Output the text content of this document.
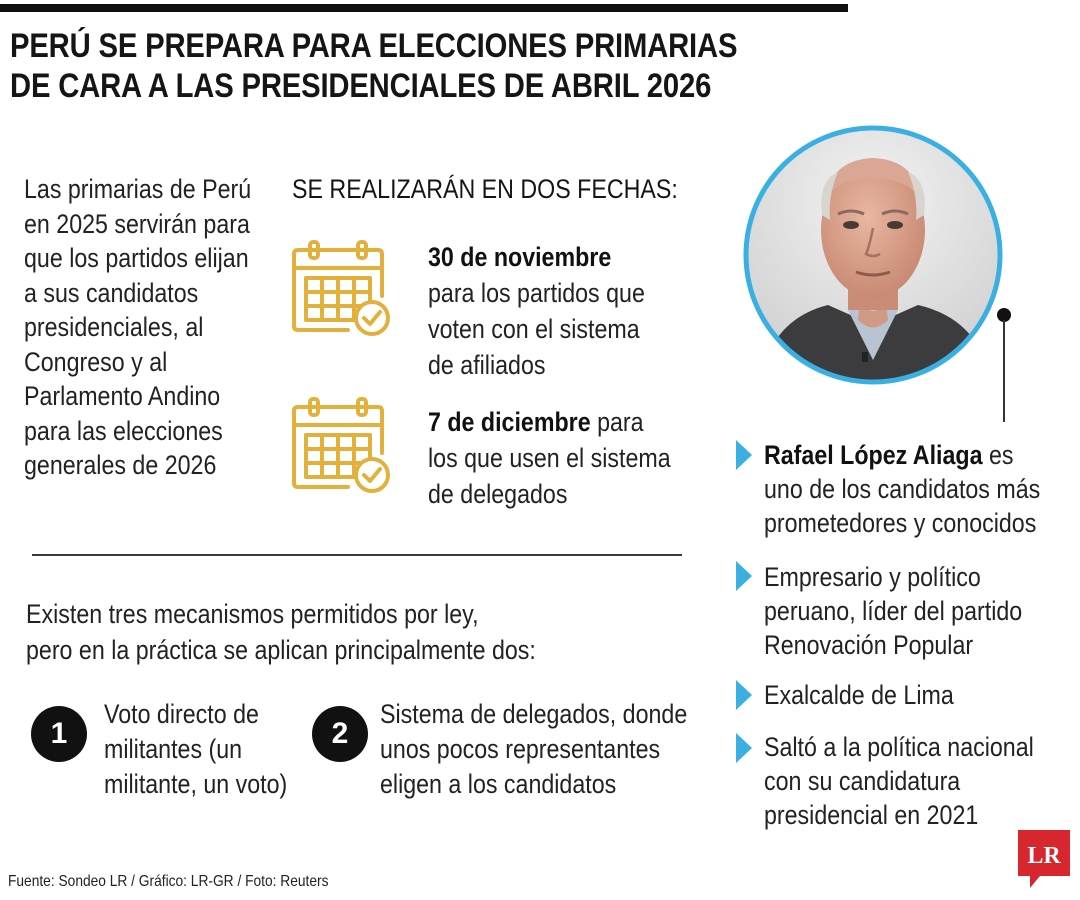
PERÚ SE PREPARA PARA ELECCIONES PRIMARIAS
DE CARA A LAS PRESIDENCIALES DE ABRIL 2026
Las primarias de Perú
en 2025 servirán para
que los partidos elijan
a sus candidatos
presidenciales, al
Congreso y al
Parlamento Andino
para las elecciones
generales de 2026
SE REALIZARÁN EN DOS FECHAS:
30 de noviembre
para los partidos que
voten con el sistema
de afiliados
7 de diciembre para
los que usen el sistema
de delegados
Existen tres mecanismos permitidos por ley,
pero en la práctica se aplican principalmente dos:
1
Voto directo de
militantes (un
militante, un voto)
2
Sistema de delegados, donde
unos pocos representantes
eligen a los candidatos
Rafael López Aliaga es
uno de los candidatos más
prometedores y conocidos
Empresario y político
peruano, líder del partido
Renovación Popular
Exalcalde de Lima
Saltó a la política nacional
con su candidatura
presidencial en 2021
Fuente: Sondeo LR / Gráfico: LR-GR / Foto: Reuters
LR
